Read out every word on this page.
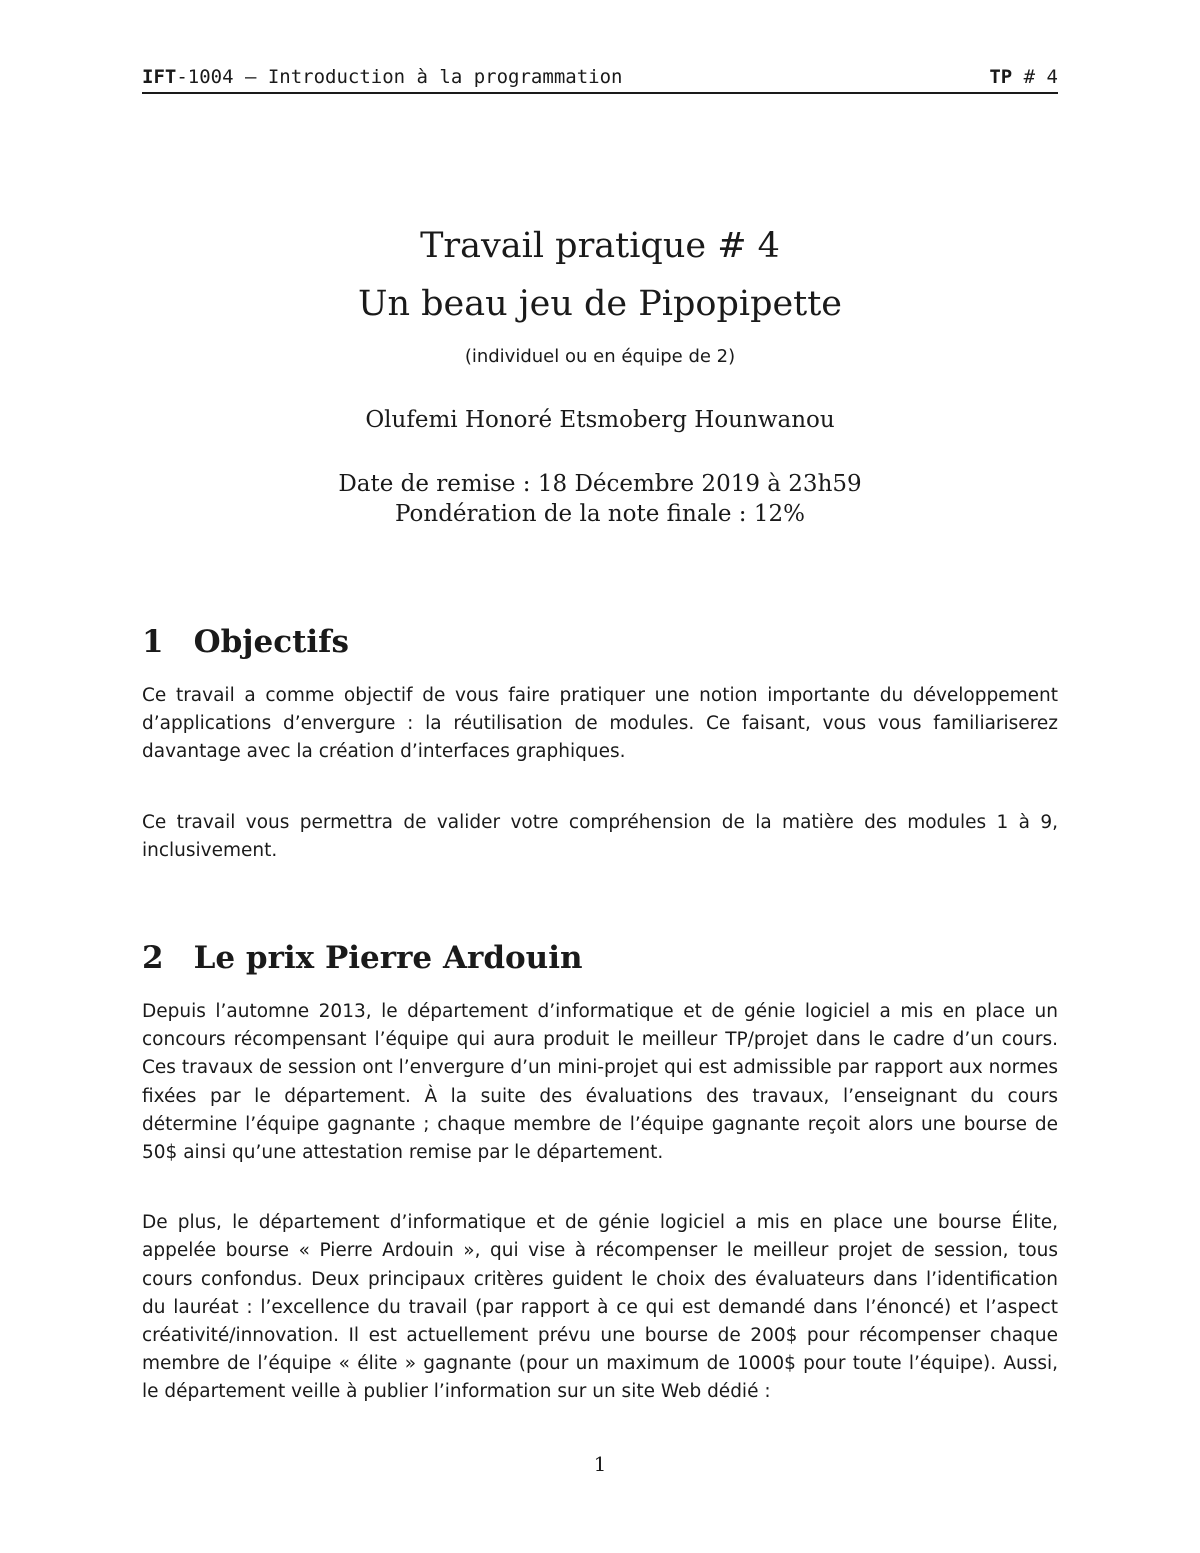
IFT-1004 — Introduction à la programmation	TP # 4
Travail pratique # 4
Un beau jeu de Pipopipette
(individuel ou en équipe de 2)
Olufemi Honoré Etsmoberg Hounwanou
Date de remise : 18 Décembre 2019 à 23h59
Pondération de la note finale : 12%
1 Objectifs

Ce travail a comme objectif de vous faire pratiquer une notion importante du développement d’applications d’envergure : la réutilisation de modules. Ce faisant, vous vous familiariserez davantage avec la création d’interfaces graphiques.

Ce travail vous permettra de valider votre compréhension de la matière des modules 1 à 9, inclusivement.

2 Le prix Pierre Ardouin

Depuis l’automne 2013, le département d’informatique et de génie logiciel a mis en place un concours récompensant l’équipe qui aura produit le meilleur TP/projet dans le cadre d’un cours. Ces travaux de session ont l’envergure d’un mini-projet qui est admissible par rapport aux normes fixées par le département. À la suite des évaluations des travaux, l’enseignant du cours détermine l’équipe gagnante ; chaque membre de l’équipe gagnante reçoit alors une bourse de 50$ ainsi qu’une attestation remise par le département.

De plus, le département d’informatique et de génie logiciel a mis en place une bourse Élite, appelée bourse « Pierre Ardouin », qui vise à récompenser le meilleur projet de session, tous cours confondus. Deux principaux critères guident le choix des évaluateurs dans l’identification du lauréat : l’excellence du travail (par rapport à ce qui est demandé dans l’énoncé) et l’aspect créativité/innovation. Il est actuellement prévu une bourse de 200$ pour récompenser chaque membre de l’équipe « élite » gagnante (pour un maximum de 1000$ pour toute l’équipe). Aussi, le département veille à publier l’information sur un site Web dédié :

1
